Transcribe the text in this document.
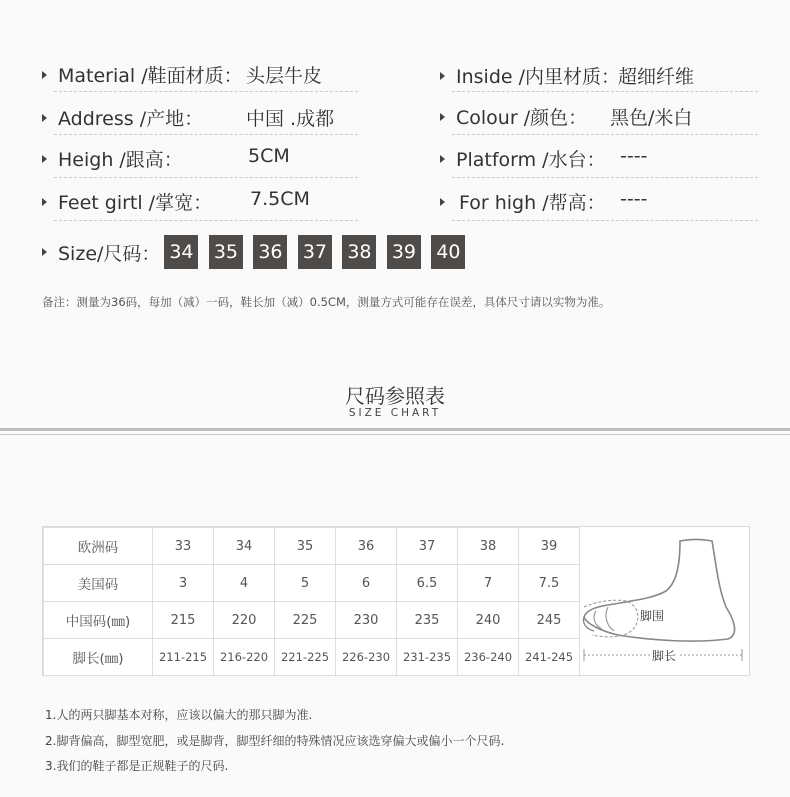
Material /鞋面材质： 头层牛皮
Address /产地： 中国 .成都
Heigh /跟高：	5CM
Feet girtl /掌宽： 7.5CM
Inside /内里材质：
超细纤维
Colour /颜色： 黑色/米白
Platform /水台： ----
For high /帮高： ----
Size/尺码： 34 35 36 37 38 39 40
备注：测量为36码，每加（减）一码，鞋长加（减）0.5CM，测量方式可能存在误差，具体尺寸请以实物为准。
尺码参照表
SIZE CHART
欧洲码	33	34	35	36	37	38	39
美国码	3	4	5	6	6.5	7	7.5
中国码(㎜)	215	220	225	230	235	240	245
脚长(㎜)	211-215	216-220	221-225	226-230	231-235	236-240	241-245
脚围
脚长
1.人的两只脚基本对称，应该以偏大的那只脚为准.
2.脚背偏高，脚型宽肥，或是脚背，脚型纤细的特殊情况应该选穿偏大或偏小一个尺码.
3.我们的鞋子都是正规鞋子的尺码.
